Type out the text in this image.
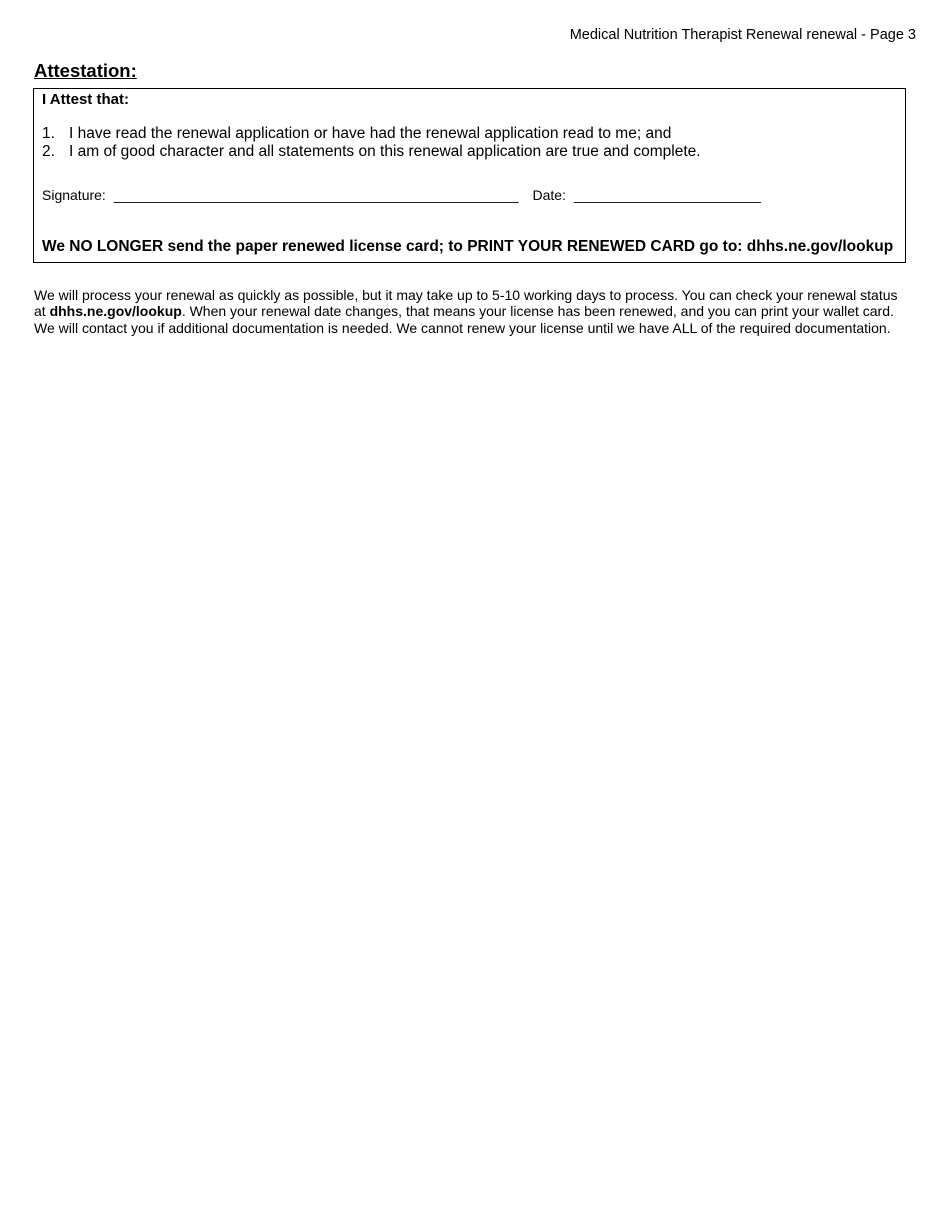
Medical Nutrition Therapist Renewal renewal - Page 3
Attestation:
I Attest that:
1. I have read the renewal application or have had the renewal application read to me; and
2. I am of good character and all statements on this renewal application are true and complete.
Signature: ____________________________________________________ Date: ________________________
We NO LONGER send the paper renewed license card; to PRINT YOUR RENEWED CARD go to: dhhs.ne.gov/lookup
We will process your renewal as quickly as possible, but it may take up to 5-10 working days to process. You can check your renewal status
at dhhs.ne.gov/lookup. When your renewal date changes, that means your license has been renewed, and you can print your wallet card.
We will contact you if additional documentation is needed. We cannot renew your license until we have ALL of the required documentation.
